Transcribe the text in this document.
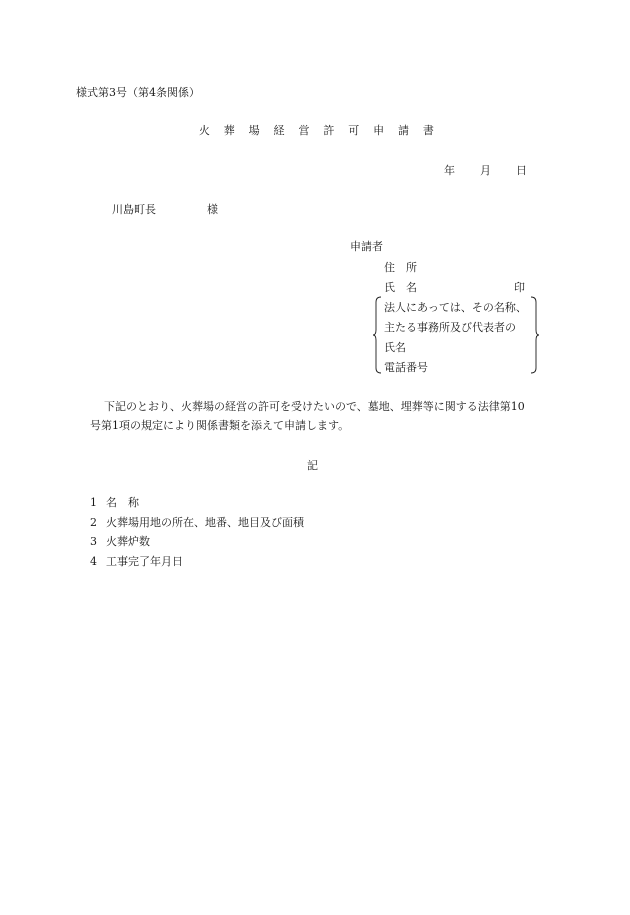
様式第3号（第4条関係）
火 葬 場 経 営 許 可 申 請 書
年 月 日
川島町長	様
申請者
住　所
氏　名	印
法人にあっては、その名称、
主たる事務所及び代表者の
氏名
電話番号
下記のとおり、火葬場の経営の許可を受けたいので、墓地、埋葬等に関する法律第10
号第1項の規定により関係書類を添えて申請します。
記
1 名　称
2 火葬場用地の所在、地番、地目及び面積
3 火葬炉数
4 工事完了年月日
